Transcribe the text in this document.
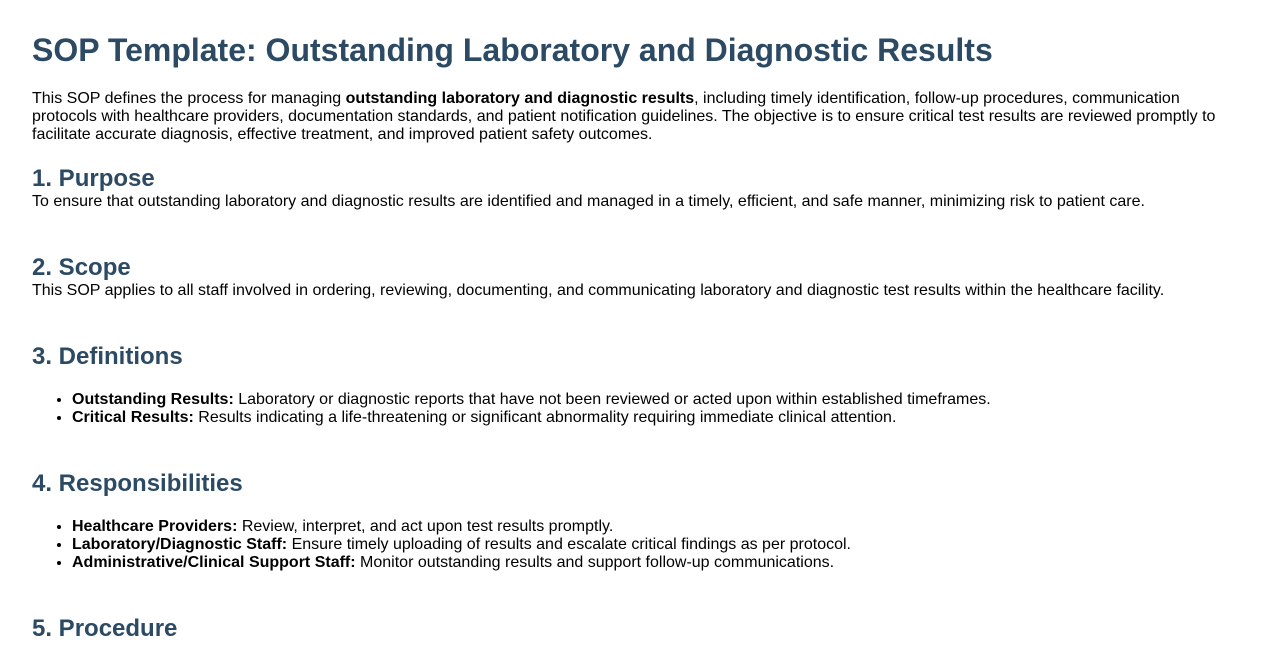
SOP Template: Outstanding Laboratory and Diagnostic Results

This SOP defines the process for managing outstanding laboratory and diagnostic results, including timely identification, follow-up procedures, communication protocols with healthcare providers, documentation standards, and patient notification guidelines. The objective is to ensure critical test results are reviewed promptly to facilitate accurate diagnosis, effective treatment, and improved patient safety outcomes.

1. Purpose

To ensure that outstanding laboratory and diagnostic results are identified and managed in a timely, efficient, and safe manner, minimizing risk to patient care.

2. Scope

This SOP applies to all staff involved in ordering, reviewing, documenting, and communicating laboratory and diagnostic test results within the healthcare facility.

3. Definitions
• Outstanding Results: Laboratory or diagnostic reports that have not been reviewed or acted upon within established timeframes.
• Critical Results: Results indicating a life-threatening or significant abnormality requiring immediate clinical attention.
4. Responsibilities
• Healthcare Providers: Review, interpret, and act upon test results promptly.
• Laboratory/Diagnostic Staff: Ensure timely uploading of results and escalate critical findings as per protocol.
• Administrative/Clinical Support Staff: Monitor outstanding results and support follow-up communications.
5. Procedure
